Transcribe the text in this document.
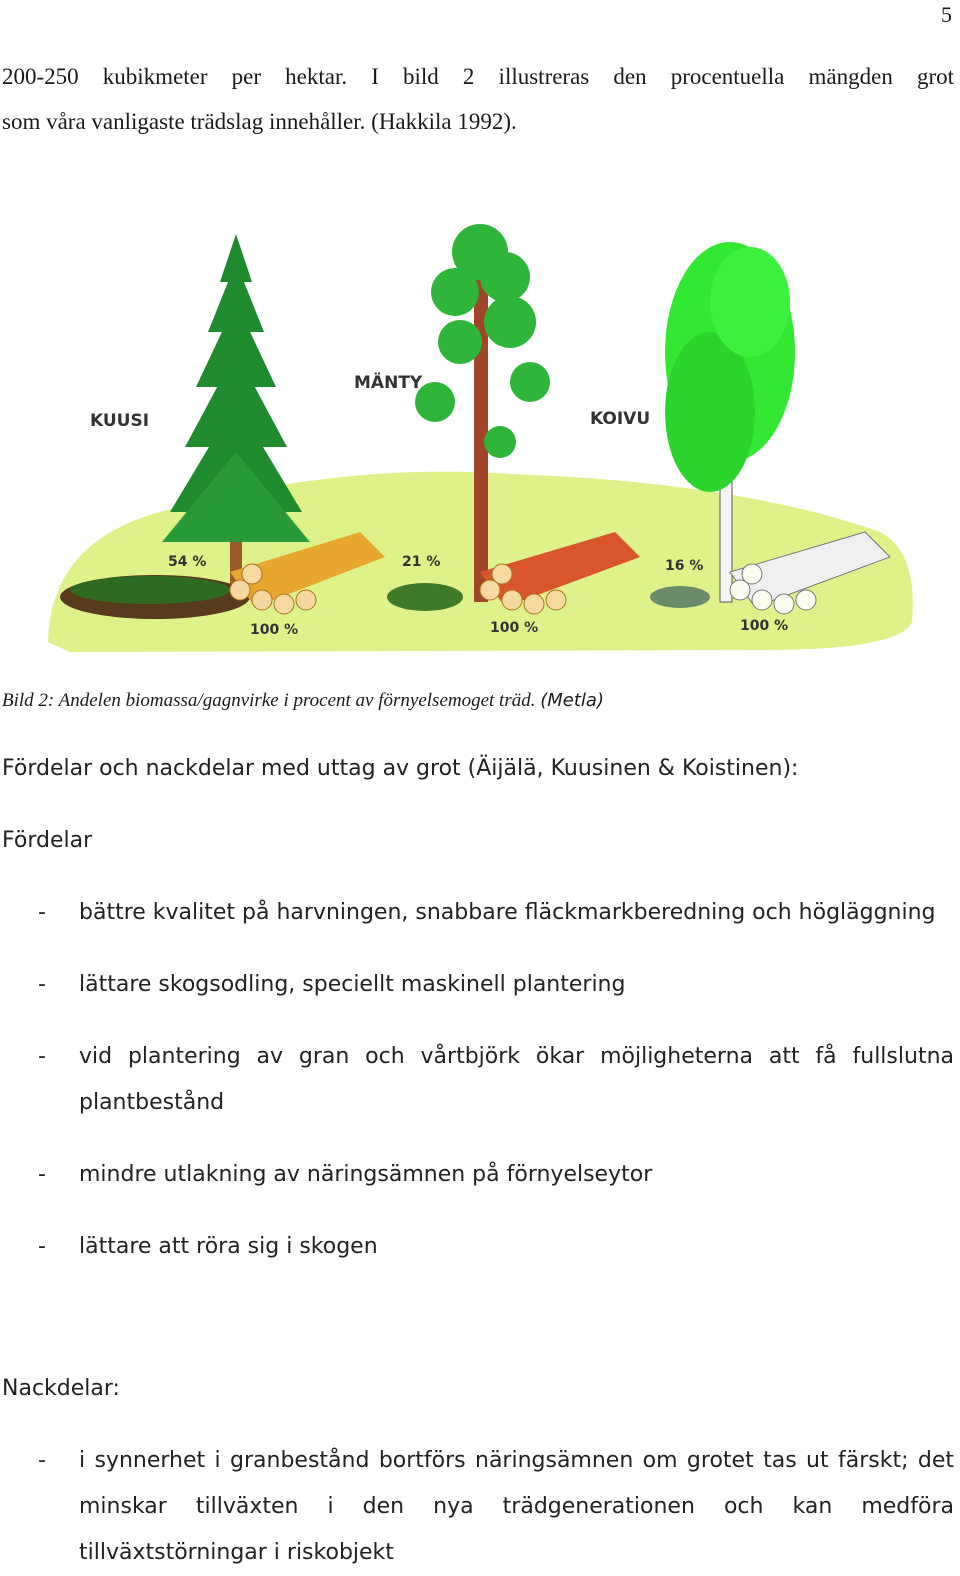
5

200-250 kubikmeter per hektar. I bild 2 illustreras den procentuella mängden grot
som våra vanligaste trädslag innehåller. (Hakkila 1992).

KUUSI
MÄNTY
KOIVU
54 %	21 %	16 %
100 %	100 %	100 %
Bild 2: Andelen biomassa/gagnvirke i procent av förnyelsemoget träd. (Metla)
Fördelar och nackdelar med uttag av grot (Äijälä, Kuusinen & Koistinen):
Fördelar
- bättre kvalitet på harvningen, snabbare fläckmarkberedning och högläggning
- lättare skogsodling, speciellt maskinell plantering
- vid plantering av gran och vårtbjörk ökar möjligheterna att få fullslutna plantbestånd
- mindre utlakning av näringsämnen på förnyelseytor
- lättare att röra sig i skogen
Nackdelar:
- i synnerhet i granbestånd bortförs näringsämnen om grotet tas ut färskt; det minskar tillväxten i den nya trädgenerationen och kan medföra tillväxtstörningar i riskobjekt
